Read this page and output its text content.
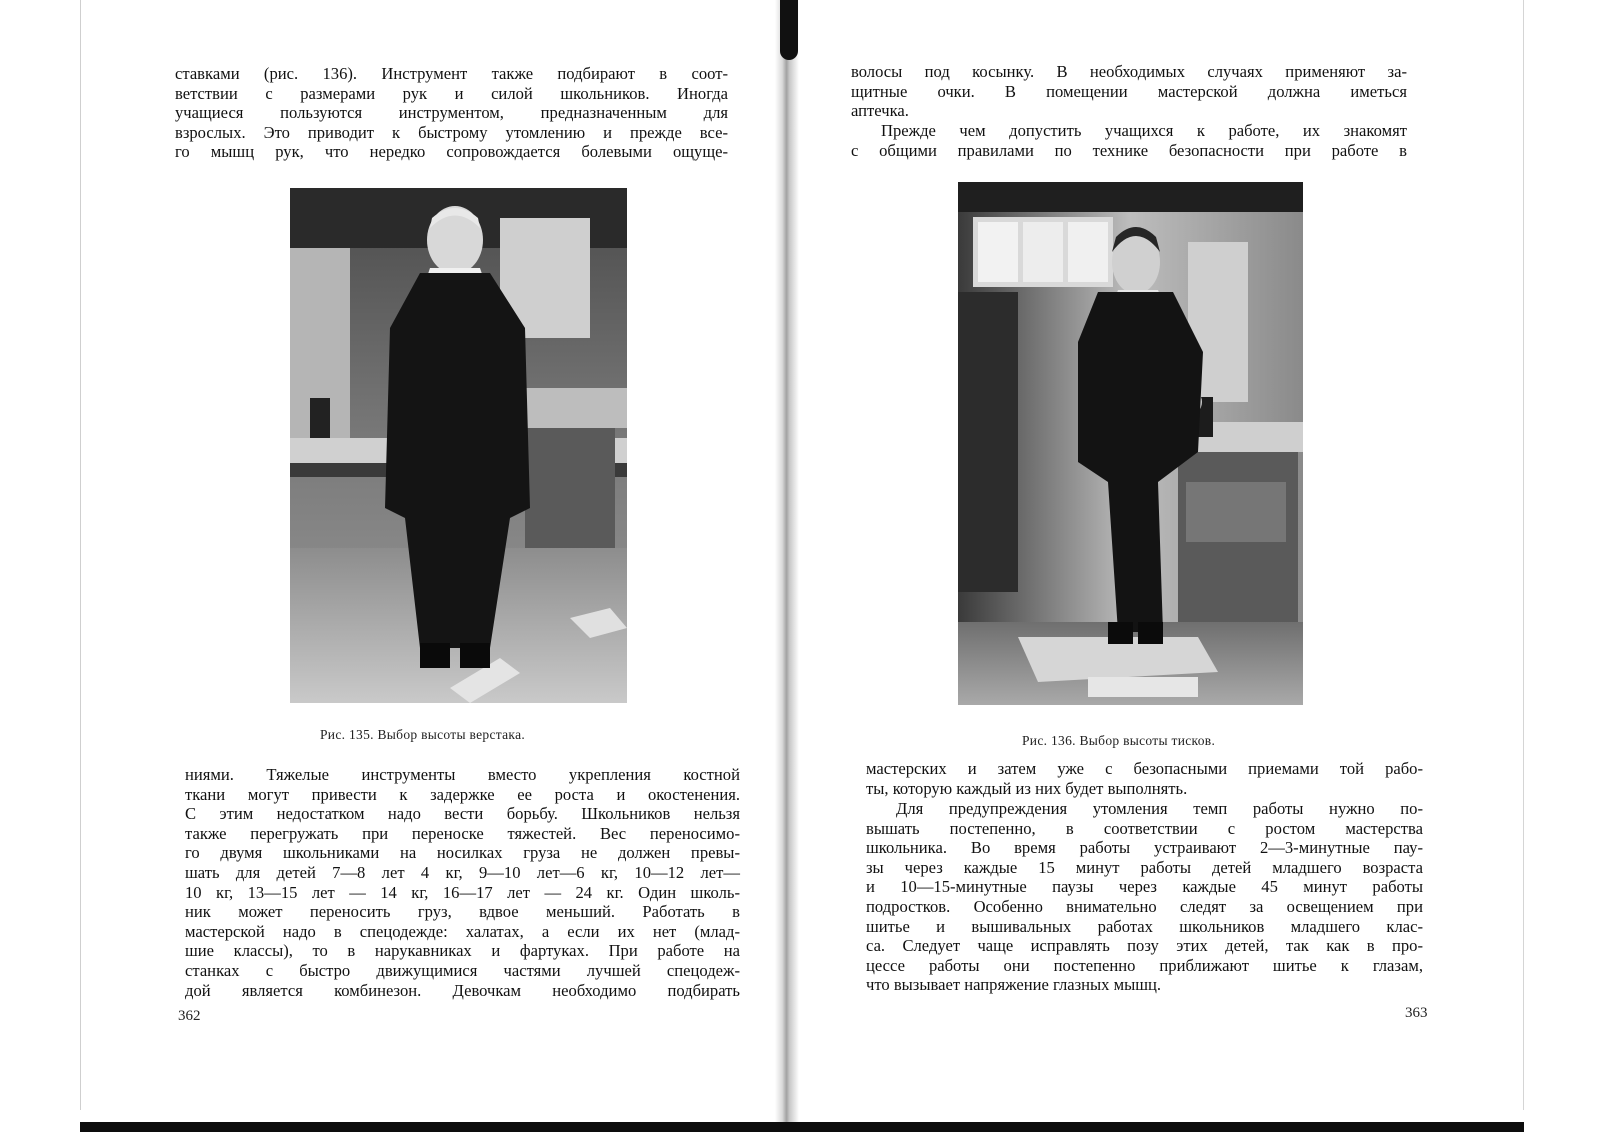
ставками (рис. 136). Инструмент также подбирают в соот-
ветствии с размерами рук и силой школьников. Иногда
учащиеся пользуются инструментом, предназначенным для
взрослых. Это приводит к быстрому утомлению и прежде все-
го мышц рук, что нередко сопровождается болевыми ощуще-
Рис. 135. Выбор высоты верстака.
ниями. Тяжелые инструменты вместо укрепления костной
ткани могут привести к задержке ее роста и окостенения.
С этим недостатком надо вести борьбу. Школьников нельзя
также перегружать при переноске тяжестей. Вес переносимо-
го двумя школьниками на носилках груза не должен превы-
шать для детей 7—8 лет 4 кг, 9—10 лет—6 кг, 10—12 лет—
10 кг, 13—15 лет — 14 кг, 16—17 лет — 24 кг. Один школь-
ник может переносить груз, вдвое меньший. Работать в
мастерской надо в спецодежде: халатах, а если их нет (млад-
шие классы), то в нарукавниках и фартуках. При работе на
станках с быстро движущимися частями лучшей спецодеж-
дой является комбинезон. Девочкам необходимо подбирать
362
волосы под косынку. В необходимых случаях применяют за-
щитные очки. В помещении мастерской должна иметься
аптечка.
Прежде чем допустить учащихся к работе, их знакомят
с общими правилами по технике безопасности при работе в
Рис. 136. Выбор высоты тисков.
мастерских и затем уже с безопасными приемами той рабо-
ты, которую каждый из них будет выполнять.
Для предупреждения утомления темп работы нужно по-
вышать постепенно, в соответствии с ростом мастерства
школьника. Во время работы устраивают 2—3-минутные пау-
зы через каждые 15 минут работы детей младшего возраста
и 10—15-минутные паузы через каждые 45 минут работы
подростков. Особенно внимательно следят за освещением при
шитье и вышивальных работах школьников младшего клас-
са. Следует чаще исправлять позу этих детей, так как в про-
цессе работы они постепенно приближают шитье к глазам,
что вызывает напряжение глазных мышц.
363
